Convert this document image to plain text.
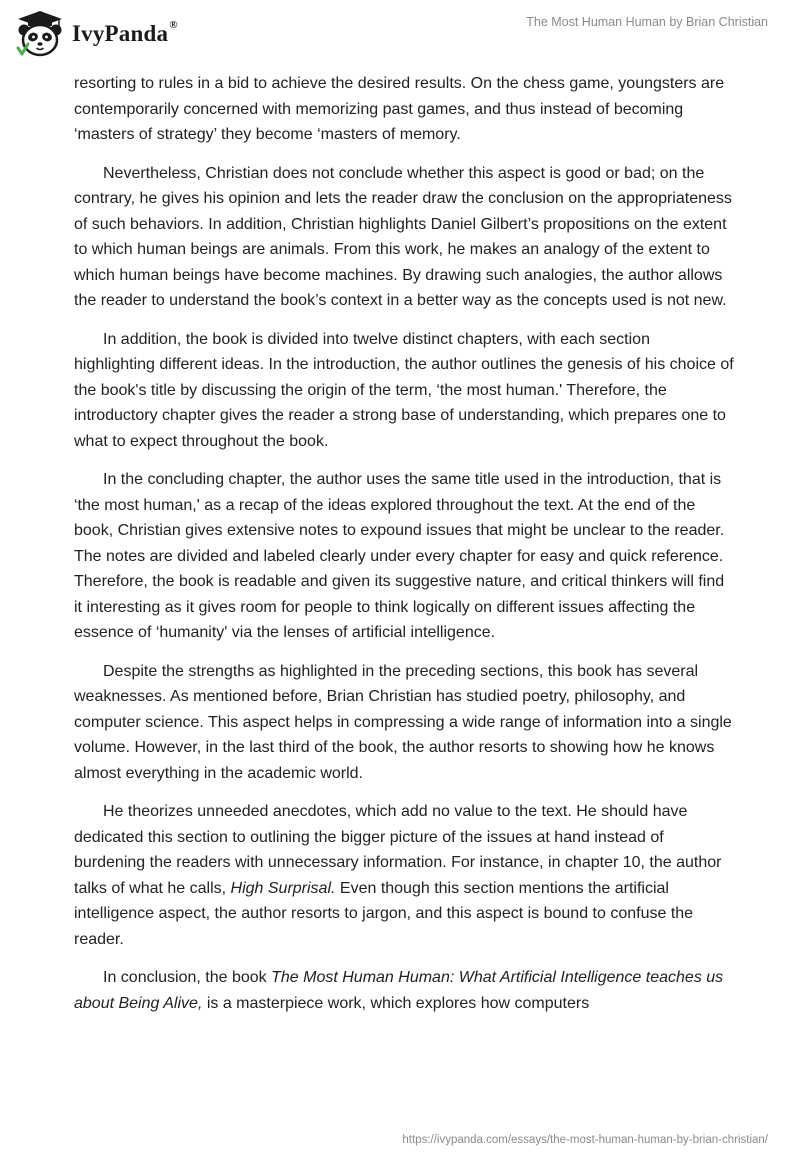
IvyPanda®	The Most Human Human by Brian Christian

resorting to rules in a bid to achieve the desired results. On the chess game, youngsters are contemporarily concerned with memorizing past games, and thus instead of becoming ‘masters of strategy’ they become ‘masters of memory.

Nevertheless, Christian does not conclude whether this aspect is good or bad; on the contrary, he gives his opinion and lets the reader draw the conclusion on the appropriateness of such behaviors. In addition, Christian highlights Daniel Gilbert’s propositions on the extent to which human beings are animals. From this work, he makes an analogy of the extent to which human beings have become machines. By drawing such analogies, the author allows the reader to understand the book’s context in a better way as the concepts used is not new.

In addition, the book is divided into twelve distinct chapters, with each section highlighting different ideas. In the introduction, the author outlines the genesis of his choice of the book's title by discussing the origin of the term, ‘the most human.' Therefore, the introductory chapter gives the reader a strong base of understanding, which prepares one to what to expect throughout the book.

In the concluding chapter, the author uses the same title used in the introduction, that is ‘the most human,' as a recap of the ideas explored throughout the text. At the end of the book, Christian gives extensive notes to expound issues that might be unclear to the reader. The notes are divided and labeled clearly under every chapter for easy and quick reference. Therefore, the book is readable and given its suggestive nature, and critical thinkers will find it interesting as it gives room for people to think logically on different issues affecting the essence of ‘humanity' via the lenses of artificial intelligence.

Despite the strengths as highlighted in the preceding sections, this book has several weaknesses. As mentioned before, Brian Christian has studied poetry, philosophy, and computer science. This aspect helps in compressing a wide range of information into a single volume. However, in the last third of the book, the author resorts to showing how he knows almost everything in the academic world.

He theorizes unneeded anecdotes, which add no value to the text. He should have dedicated this section to outlining the bigger picture of the issues at hand instead of burdening the readers with unnecessary information. For instance, in chapter 10, the author talks of what he calls, High Surprisal. Even though this section mentions the artificial intelligence aspect, the author resorts to jargon, and this aspect is bound to confuse the reader.

In conclusion, the book The Most Human Human: What Artificial Intelligence teaches us about Being Alive, is a masterpiece work, which explores how computers

https://ivypanda.com/essays/the-most-human-human-by-brian-christian/
